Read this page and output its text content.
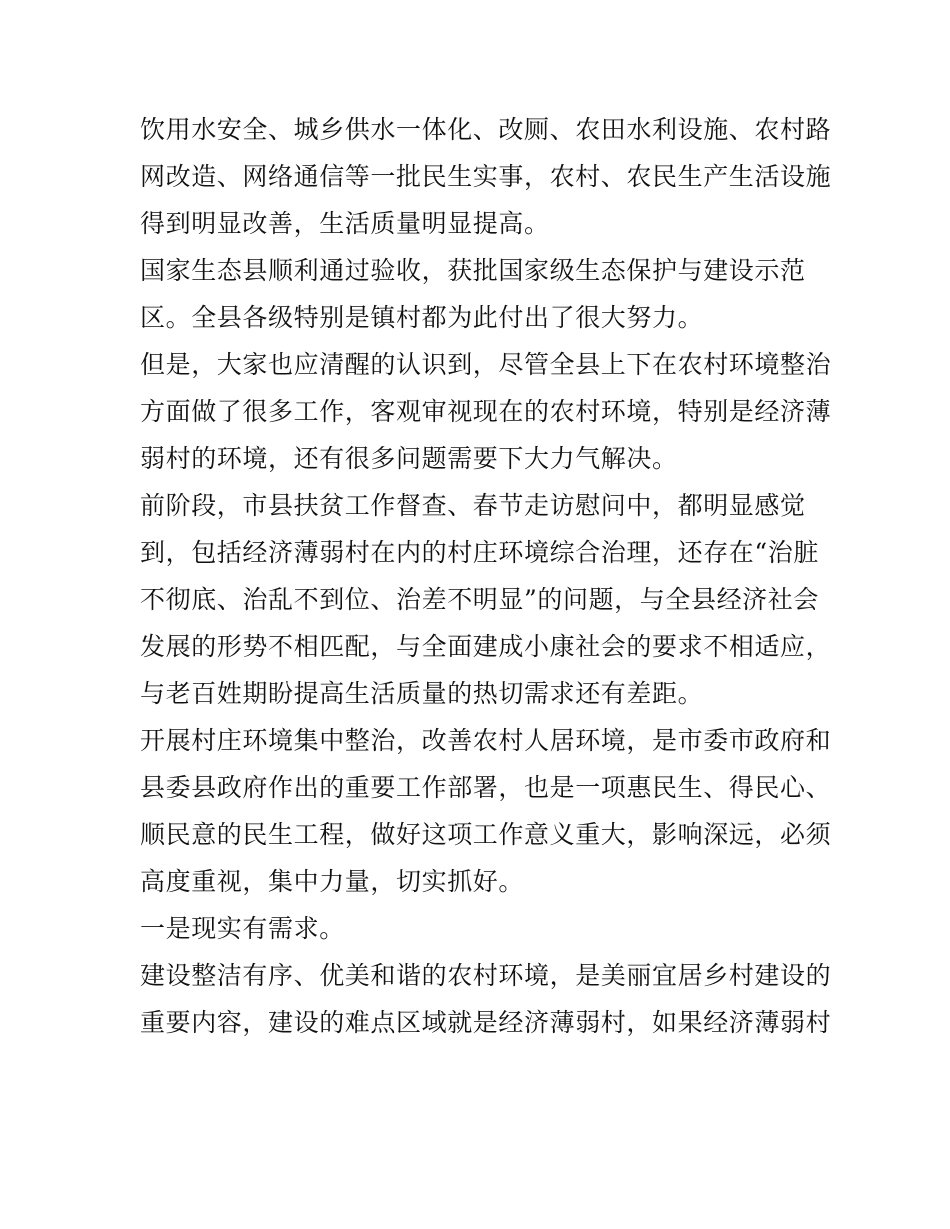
饮用水安全、城乡供水一体化、改厕、农田水利设施、农村路
网改造、网络通信等一批民生实事，农村、农民生产生活设施
得到明显改善，生活质量明显提高。

国家生态县顺利通过验收，获批国家级生态保护与建设示范
区。全县各级特别是镇村都为此付出了很大努力。

但是，大家也应清醒的认识到，尽管全县上下在农村环境整治
方面做了很多工作，客观审视现在的农村环境，特别是经济薄
弱村的环境，还有很多问题需要下大力气解决。

前阶段，市县扶贫工作督查、春节走访慰问中，都明显感觉
到，包括经济薄弱村在内的村庄环境综合治理，还存在“治脏
不彻底、治乱不到位、治差不明显”的问题，与全县经济社会
发展的形势不相匹配，与全面建成小康社会的要求不相适应，
与老百姓期盼提高生活质量的热切需求还有差距。

开展村庄环境集中整治，改善农村人居环境，是市委市政府和
县委县政府作出的重要工作部署，也是一项惠民生、得民心、
顺民意的民生工程，做好这项工作意义重大，影响深远，必须
高度重视，集中力量，切实抓好。

一是现实有需求。

建设整洁有序、优美和谐的农村环境，是美丽宜居乡村建设的
重要内容，建设的难点区域就是经济薄弱村，如果经济薄弱村
